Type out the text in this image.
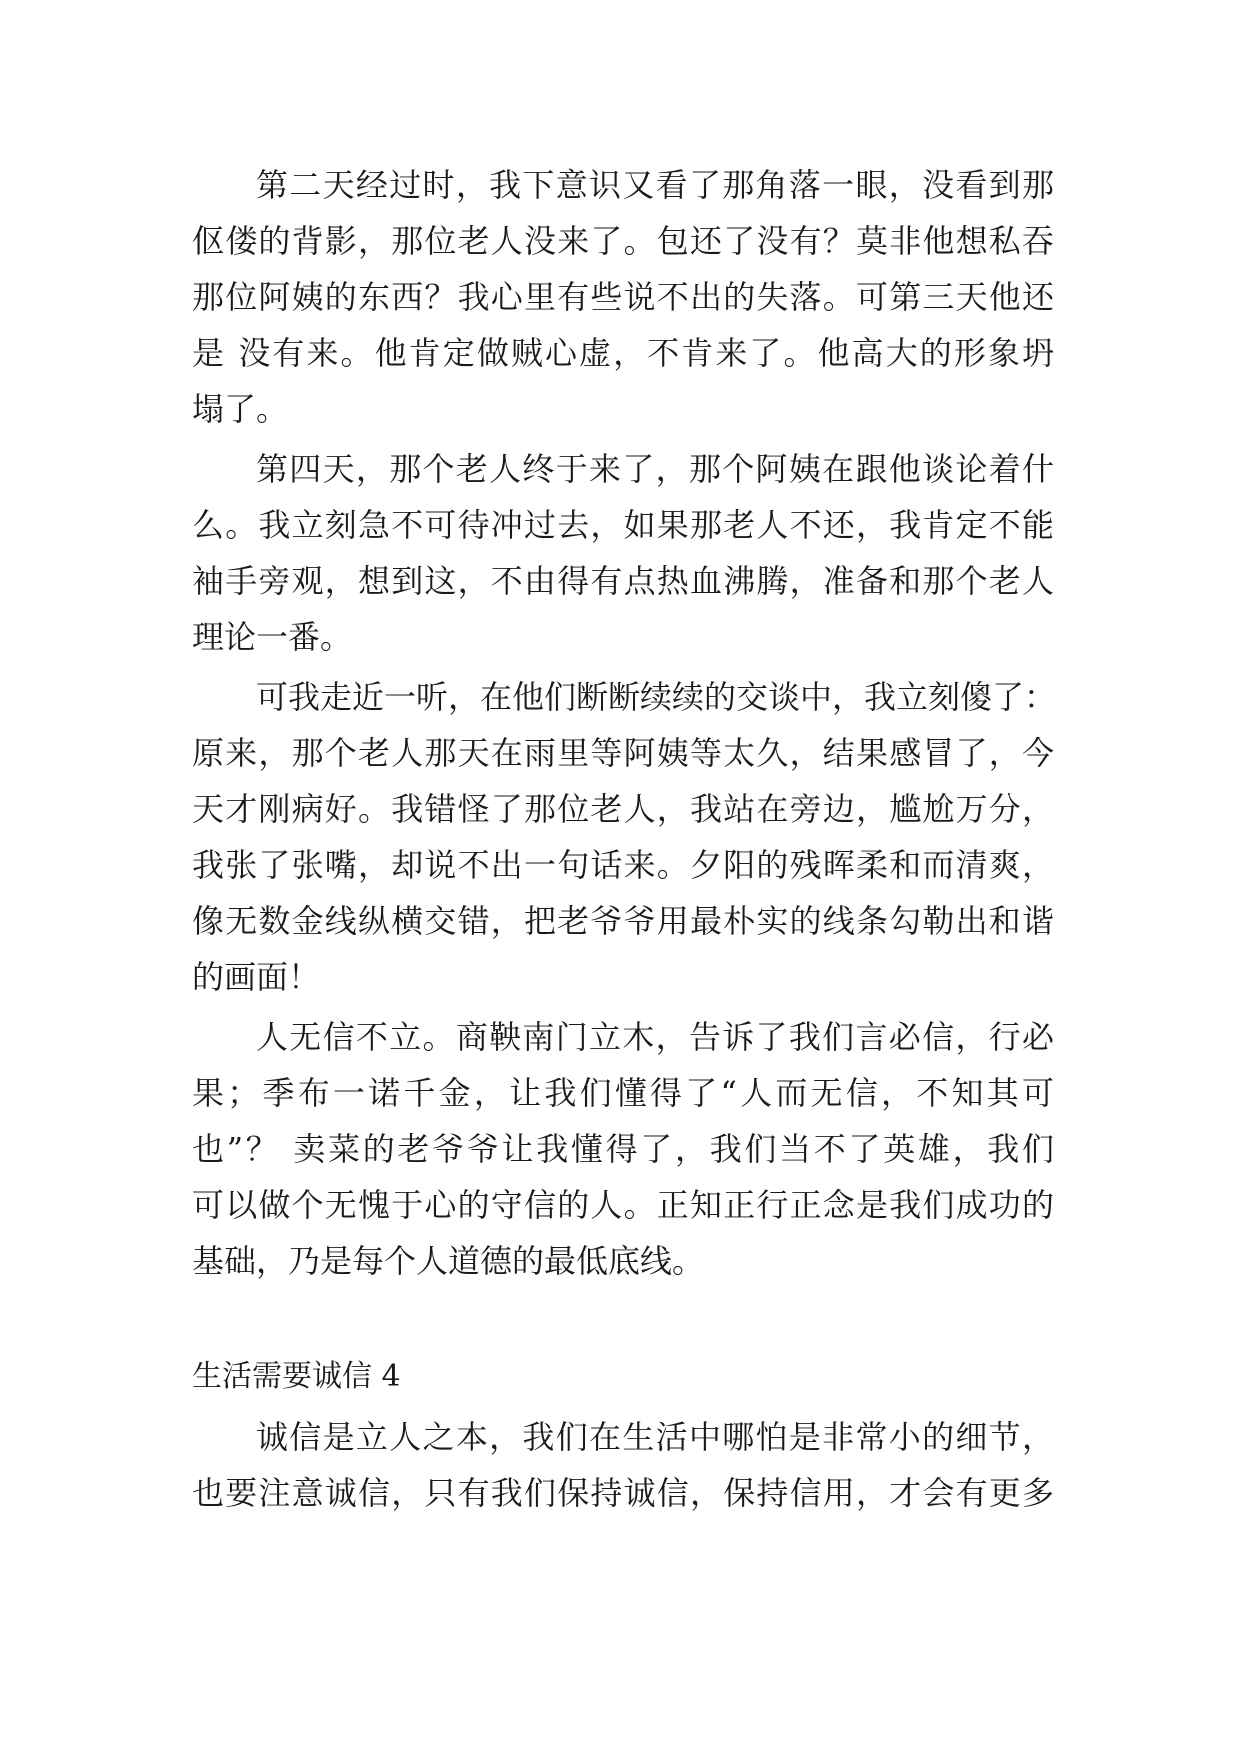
第二天经过时，我下意识又看了那角落一眼，没看到那
伛偻的背影，那位老人没来了。包还了没有？莫非他想私吞
那位阿姨的东西？我心里有些说不出的失落。可第三天他还
是 没有来。他肯定做贼心虚，不肯来了。他高大的形象坍
塌了。
第四天，那个老人终于来了，那个阿姨在跟他谈论着什
么。我立刻急不可待冲过去，如果那老人不还，我肯定不能
袖手旁观，想到这，不由得有点热血沸腾，准备和那个老人
理论一番。
可我走近一听，在他们断断续续的交谈中，我立刻傻了：
原来，那个老人那天在雨里等阿姨等太久，结果感冒了，今
天才刚病好。我错怪了那位老人，我站在旁边，尴尬万分，
我张了张嘴，却说不出一句话来。夕阳的残晖柔和而清爽，
像无数金线纵横交错，把老爷爷用最朴实的线条勾勒出和谐
的画面！
人无信不立。商鞅南门立木，告诉了我们言必信，行必
果；季布一诺千金，让我们懂得了“人而无信，不知其可
也”？ 卖菜的老爷爷让我懂得了，我们当不了英雄，我们
可以做个无愧于心的守信的人。正知正行正念是我们成功的
基础，乃是每个人道德的最低底线。
生活需要诚信 4
诚信是立人之本，我们在生活中哪怕是非常小的细节，
也要注意诚信，只有我们保持诚信，保持信用，才会有更多
